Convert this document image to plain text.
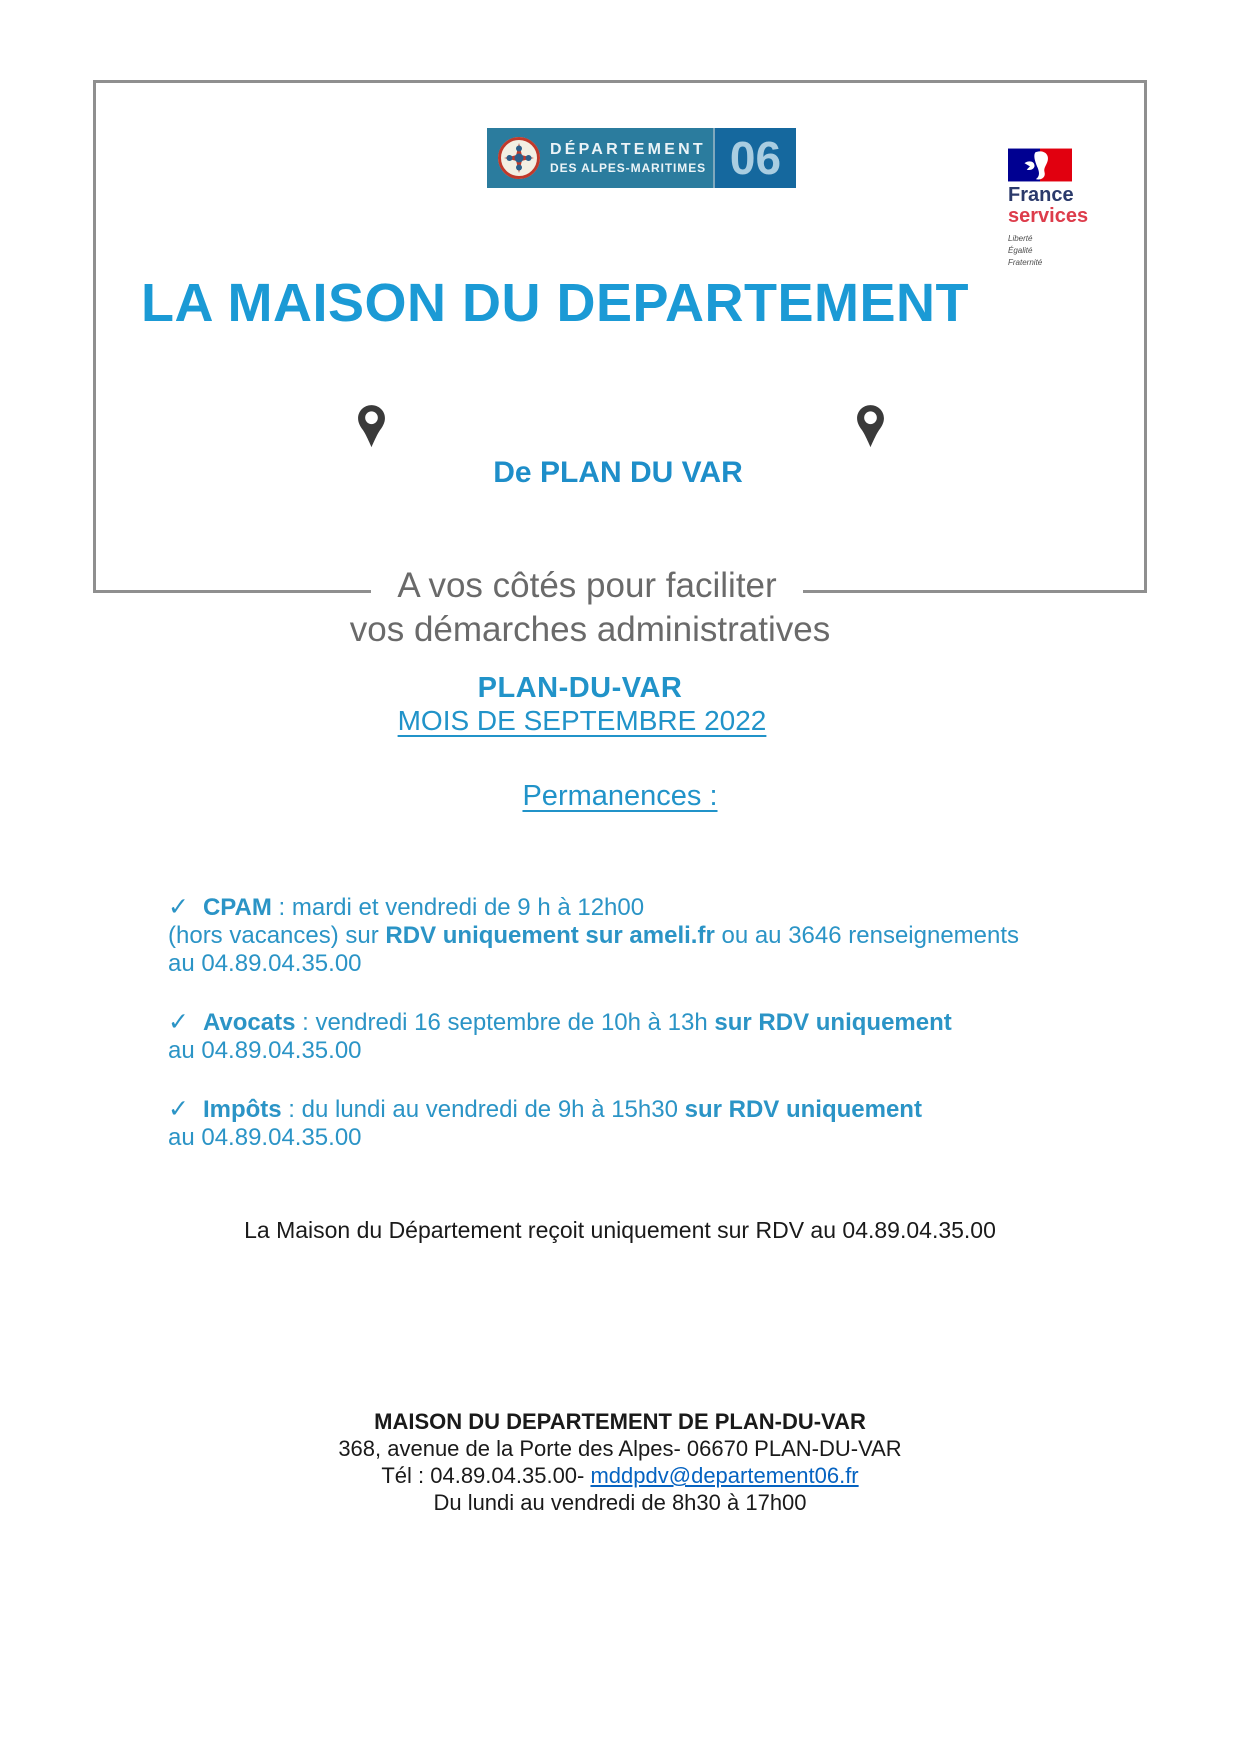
DÉPARTEMENT
DES ALPES-MARITIMES 06
France
services
Liberté
Égalité
Fraternité
LA MAISON DU DEPARTEMENT
De PLAN DU VAR
A vos côtés pour faciliter
vos démarches administratives
PLAN-DU-VAR
MOIS DE SEPTEMBRE 2022
Permanences :
✓ CPAM : mardi et vendredi de 9 h à 12h00
(hors vacances) sur RDV uniquement sur ameli.fr ou au 3646 renseignements
au 04.89.04.35.00
✓ Avocats : vendredi 16 septembre de 10h à 13h sur RDV uniquement
au 04.89.04.35.00
✓ Impôts : du lundi au vendredi de 9h à 15h30 sur RDV uniquement
au 04.89.04.35.00
La Maison du Département reçoit uniquement sur RDV au 04.89.04.35.00
MAISON DU DEPARTEMENT DE PLAN-DU-VAR
368, avenue de la Porte des Alpes- 06670 PLAN-DU-VAR
Tél : 04.89.04.35.00- mddpdv@departement06.fr
Du lundi au vendredi de 8h30 à 17h00
